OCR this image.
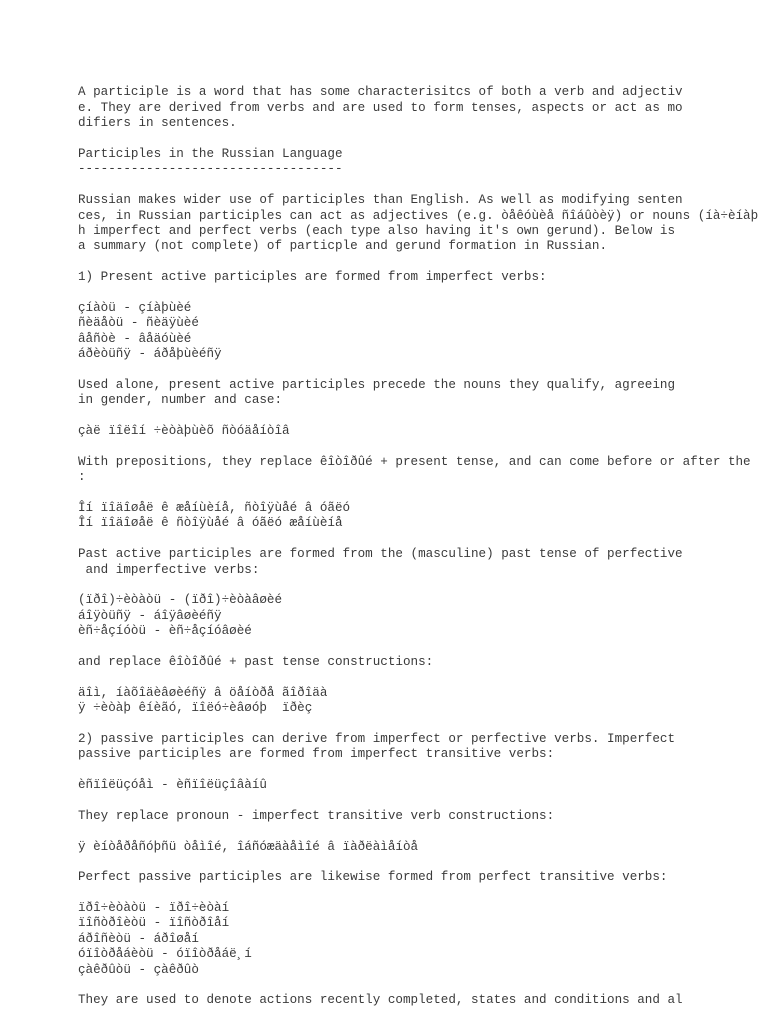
A participle is a word that has some characterisitcs of both a verb and adjectiv
e. They are derived from verbs and are used to form tenses, aspects or act as mo
difiers in sentences.
Participles in the Russian Language
-----------------------------------
Russian makes wider use of participles than English. As well as modifying senten
ces, in Russian participles can act as adjectives (e.g. òåêóùèå ñîáûòèÿ) or nouns (íà÷èíàþ
h imperfect and perfect verbs (each type also having it's own gerund). Below is
a summary (not complete) of particple and gerund formation in Russian.
1) Present active participles are formed from imperfect verbs:
çíàòü - çíàþùèé
ñèäåòü - ñèäÿùèé
âåñòè - âåäóùèé
áðèòüñÿ - áðåþùèéñÿ
Used alone, present active participles precede the nouns they qualify, agreeing
in gender, number and case:
çàë ïîëîí ÷èòàþùèõ ñòóäåíòîâ
With prepositions, they replace êîòîðûé + present tense, and can come before or after the
:
Îí ïîäîøåë ê æåíùèíå, ñòîÿùåé â óãëó
Îí ïîäîøåë ê ñòîÿùåé â óãëó æåíùèíå
Past active participles are formed from the (masculine) past tense of perfective
and imperfective verbs:
(ïðî)÷èòàòü - (ïðî)÷èòàâøèé
áîÿòüñÿ - áîÿâøèéñÿ
èñ÷åçíóòü - èñ÷åçíóâøèé
and replace êîòîðûé + past tense constructions:
äîì, íàõîäèâøèéñÿ â öåíòðå ãîðîäà
ÿ ÷èòàþ êíèãó, ïîëó÷èâøóþ  ïðèç
2) passive participles can derive from imperfect or perfective verbs. Imperfect
passive participles are formed from imperfect transitive verbs:
èñïîëüçóåì - èñïîëüçîâàíû
They replace pronoun - imperfect transitive verb constructions:
ÿ èíòåðåñóþñü òåìîé, îáñóæäàåìîé â ïàðëàìåíòå
Perfect passive participles are likewise formed from perfect transitive verbs:
ïðî÷èòàòü - ïðî÷èòàí
ïîñòðîèòü - ïîñòðîåí
áðîñèòü - áðîøåí
óïîòðåáèòü - óïîòðåáë¸í
çàêðûòü - çàêðûò
They are used to denote actions recently completed, states and conditions and al
